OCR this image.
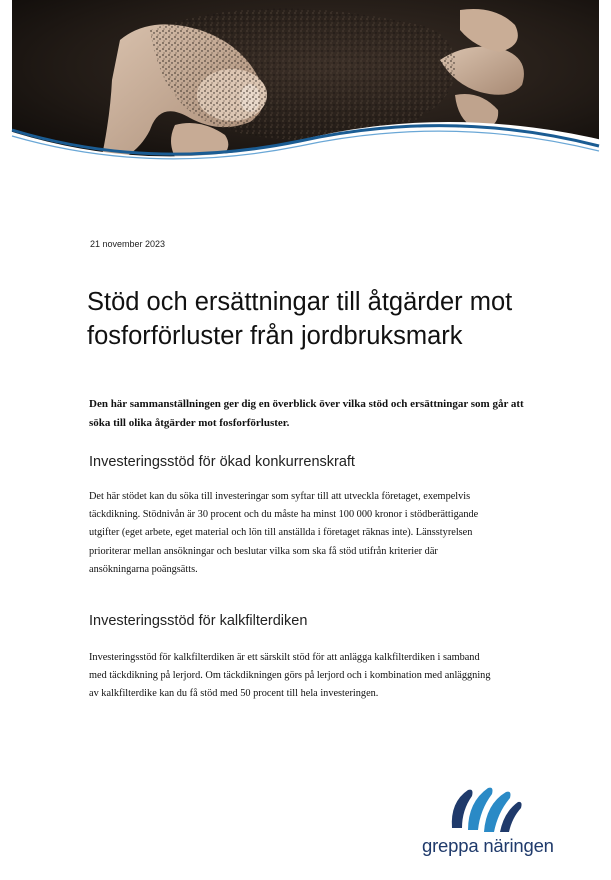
21 november 2023
Stöd och ersättningar till åtgärder mot fosforförluster från jordbruksmark

Den här sammanställningen ger dig en överblick över vilka stöd och ersättningar som går att söka till olika åtgärder mot fosforförluster.

Investeringsstöd för ökad konkurrenskraft

Det här stödet kan du söka till investeringar som syftar till att utveckla företaget, exempelvis täckdikning. Stödnivån är 30 procent och du måste ha minst 100 000 kronor i stödberättigande utgifter (eget arbete, eget material och lön till anställda i företaget räknas inte). Länsstyrelsen prioriterar mellan ansökningar och beslutar vilka som ska få stöd utifrån kriterier där ansökningarna poängsätts.

Investeringsstöd för kalkfilterdiken

Investeringsstöd för kalkfilterdiken är ett särskilt stöd för att anlägga kalkfilterdiken i samband med täckdikning på lerjord. Om täckdikningen görs på lerjord och i kombination med anläggning av kalkfilterdike kan du få stöd med 50 procent till hela investeringen.

greppa näringen
